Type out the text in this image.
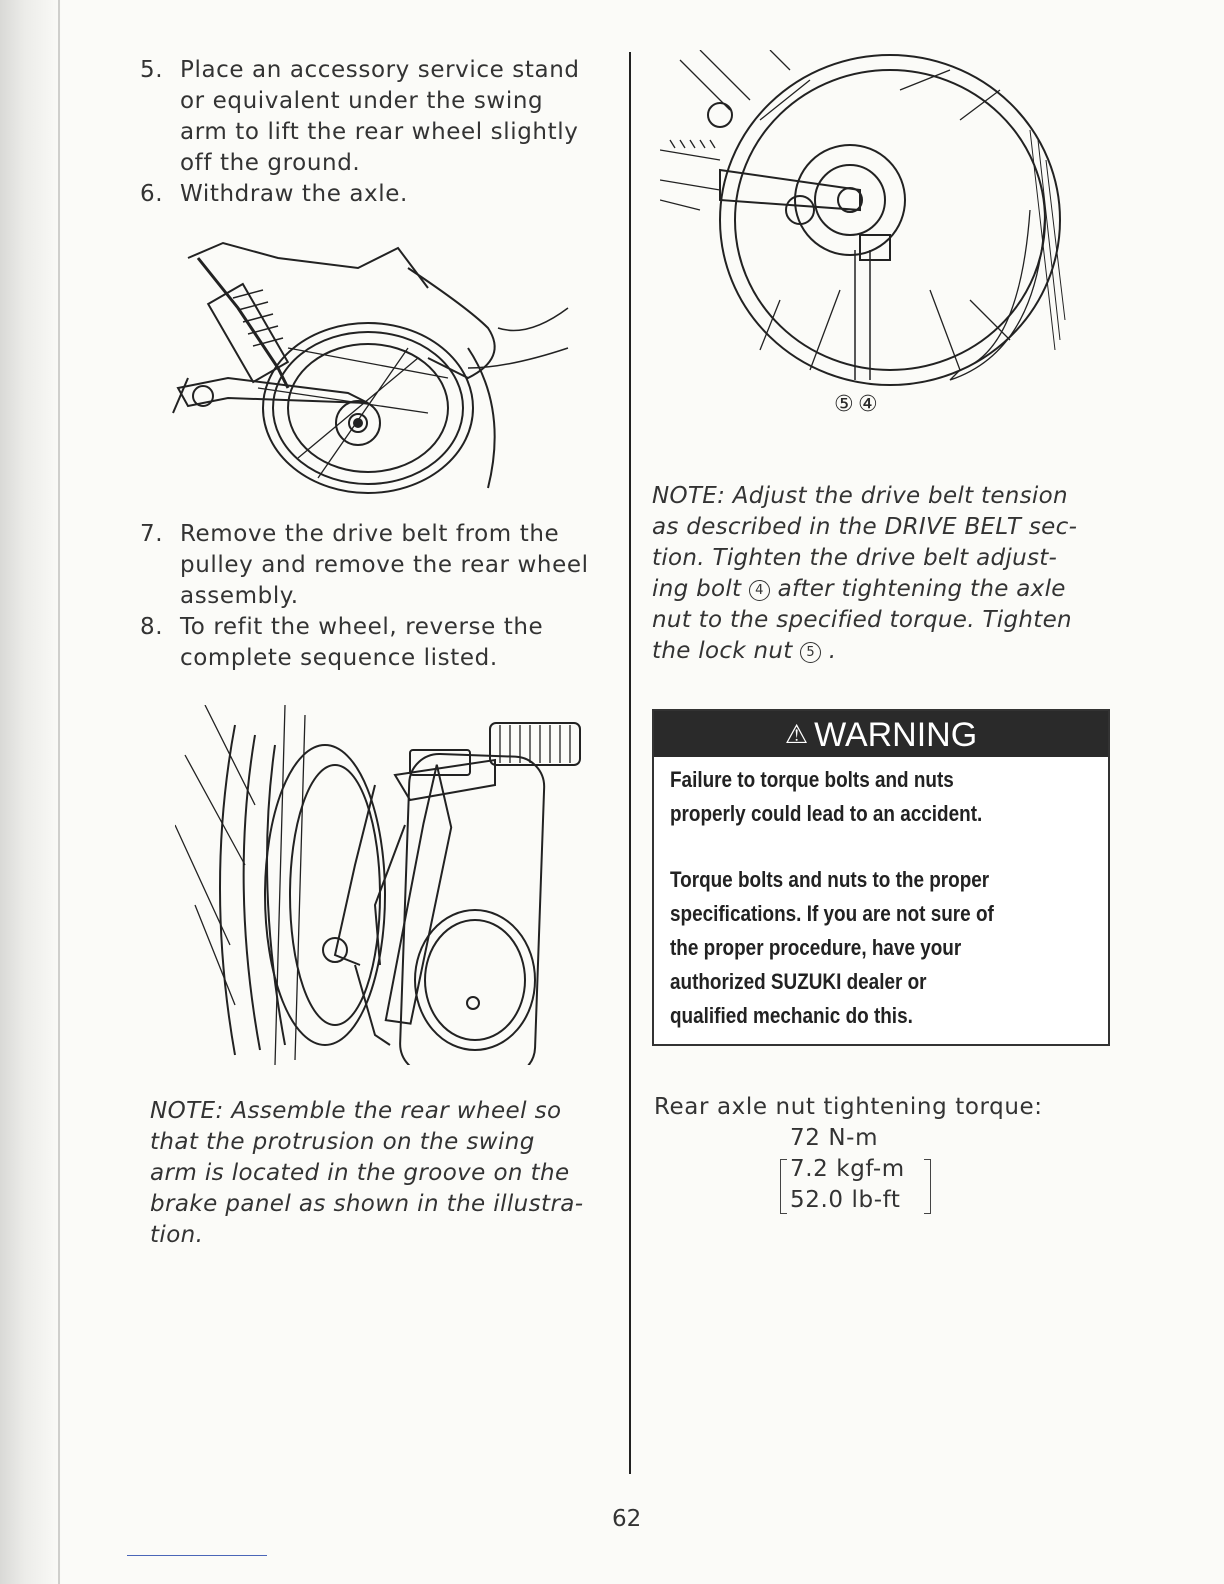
5. Place an accessory service stand
or equivalent under the swing
arm to lift the rear wheel slightly
off the ground.
6. Withdraw the axle.
7. Remove the drive belt from the
pulley and remove the rear wheel
assembly.
8. To refit the wheel, reverse the
complete sequence listed.
NOTE: Assemble the rear wheel so
that the protrusion on the swing
arm is located in the groove on the
brake panel as shown in the illustra-
tion.
⑤ ④
NOTE: Adjust the drive belt tension
as described in the DRIVE BELT sec-
tion. Tighten the drive belt adjust-
ing bolt 4 after tightening the axle
nut to the specified torque. Tighten
the lock nut 5 .
⚠ WARNING

Failure to torque bolts and nuts
properly could lead to an accident.

Torque bolts and nuts to the proper
specifications. If you are not sure of
the proper procedure, have your
authorized SUZUKI dealer or
qualified mechanic do this.

Rear axle nut tightening torque:
72 N-m
7.2 kgf-m
52.0 lb-ft
62
